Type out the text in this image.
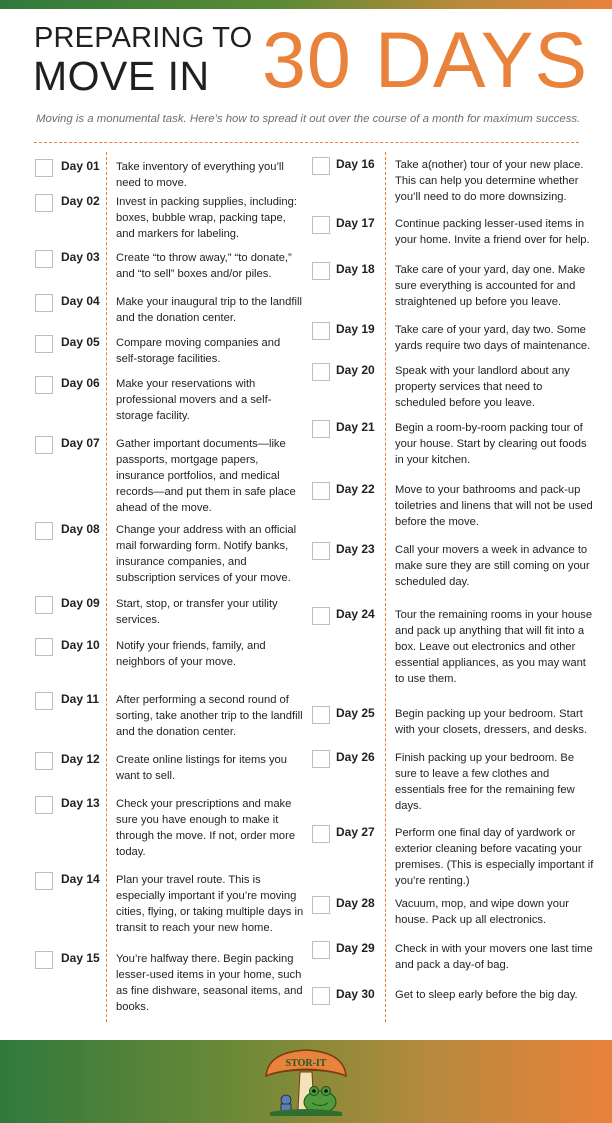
PREPARING TO
MOVE IN 30 DAYS
Moving is a monumental task. Here’s how to spread it out over the course of a month for maximum success.
Day 01 Take inventory of everything you’ll need to move.
Day 02 Invest in packing supplies, including: boxes, bubble wrap, packing tape, and markers for labeling.
Day 03 Create “to throw away,” “to donate,” and “to sell” boxes and/or piles.
Day 04 Make your inaugural trip to the landfill and the donation center.
Day 05 Compare moving companies and self-storage facilities.
Day 06 Make your reservations with professional movers and a self-storage facility.
Day 07 Gather important documents—like passports, mortgage papers, insurance portfolios, and medical records—and put them in safe place ahead of the move.
Day 08 Change your address with an official mail forwarding form. Notify banks, insurance companies, and subscription services of your move.
Day 09 Start, stop, or transfer your utility services.
Day 10 Notify your friends, family, and neighbors of your move.
Day 11 After performing a second round of sorting, take another trip to the landfill and the donation center.
Day 12 Create online listings for items you want to sell.
Day 13 Check your prescriptions and make sure you have enough to make it through the move. If not, order more today.
Day 14 Plan your travel route. This is especially important if you’re moving cities, flying, or taking multiple days in transit to reach your new home.
Day 15 You’re halfway there. Begin packing lesser-used items in your home, such as fine dishware, seasonal items, and books.
Day 16 Take a(nother) tour of your new place. This can help you determine whether you’ll need to do more downsizing.
Day 17 Continue packing lesser-used items in your home. Invite a friend over for help.
Day 18 Take care of your yard, day one. Make sure everything is accounted for and straightened up before you leave.
Day 19 Take care of your yard, day two. Some yards require two days of maintenance.
Day 20 Speak with your landlord about any property services that need to scheduled before you leave.
Day 21 Begin a room-by-room packing tour of your house. Start by clearing out foods in your kitchen.
Day 22 Move to your bathrooms and pack-up toiletries and linens that will not be used before the move.
Day 23 Call your movers a week in advance to make sure they are still coming on your scheduled day.
Day 24 Tour the remaining rooms in your house and pack up anything that will fit into a box. Leave out electronics and other essential appliances, as you may want to use them.
Day 25 Begin packing up your bedroom. Start with your closets, dressers, and desks.
Day 26 Finish packing up your bedroom. Be sure to leave a few clothes and essentials free for the remaining few days.
Day 27 Perform one final day of yardwork or exterior cleaning before vacating your premises. (This is especially important if you’re renting.)
Day 28 Vacuum, mop, and wipe down your house. Pack up all electronics.
Day 29 Check in with your movers one last time and pack a day-of bag.
Day 30 Get to sleep early before the big day.
STOR-IT
